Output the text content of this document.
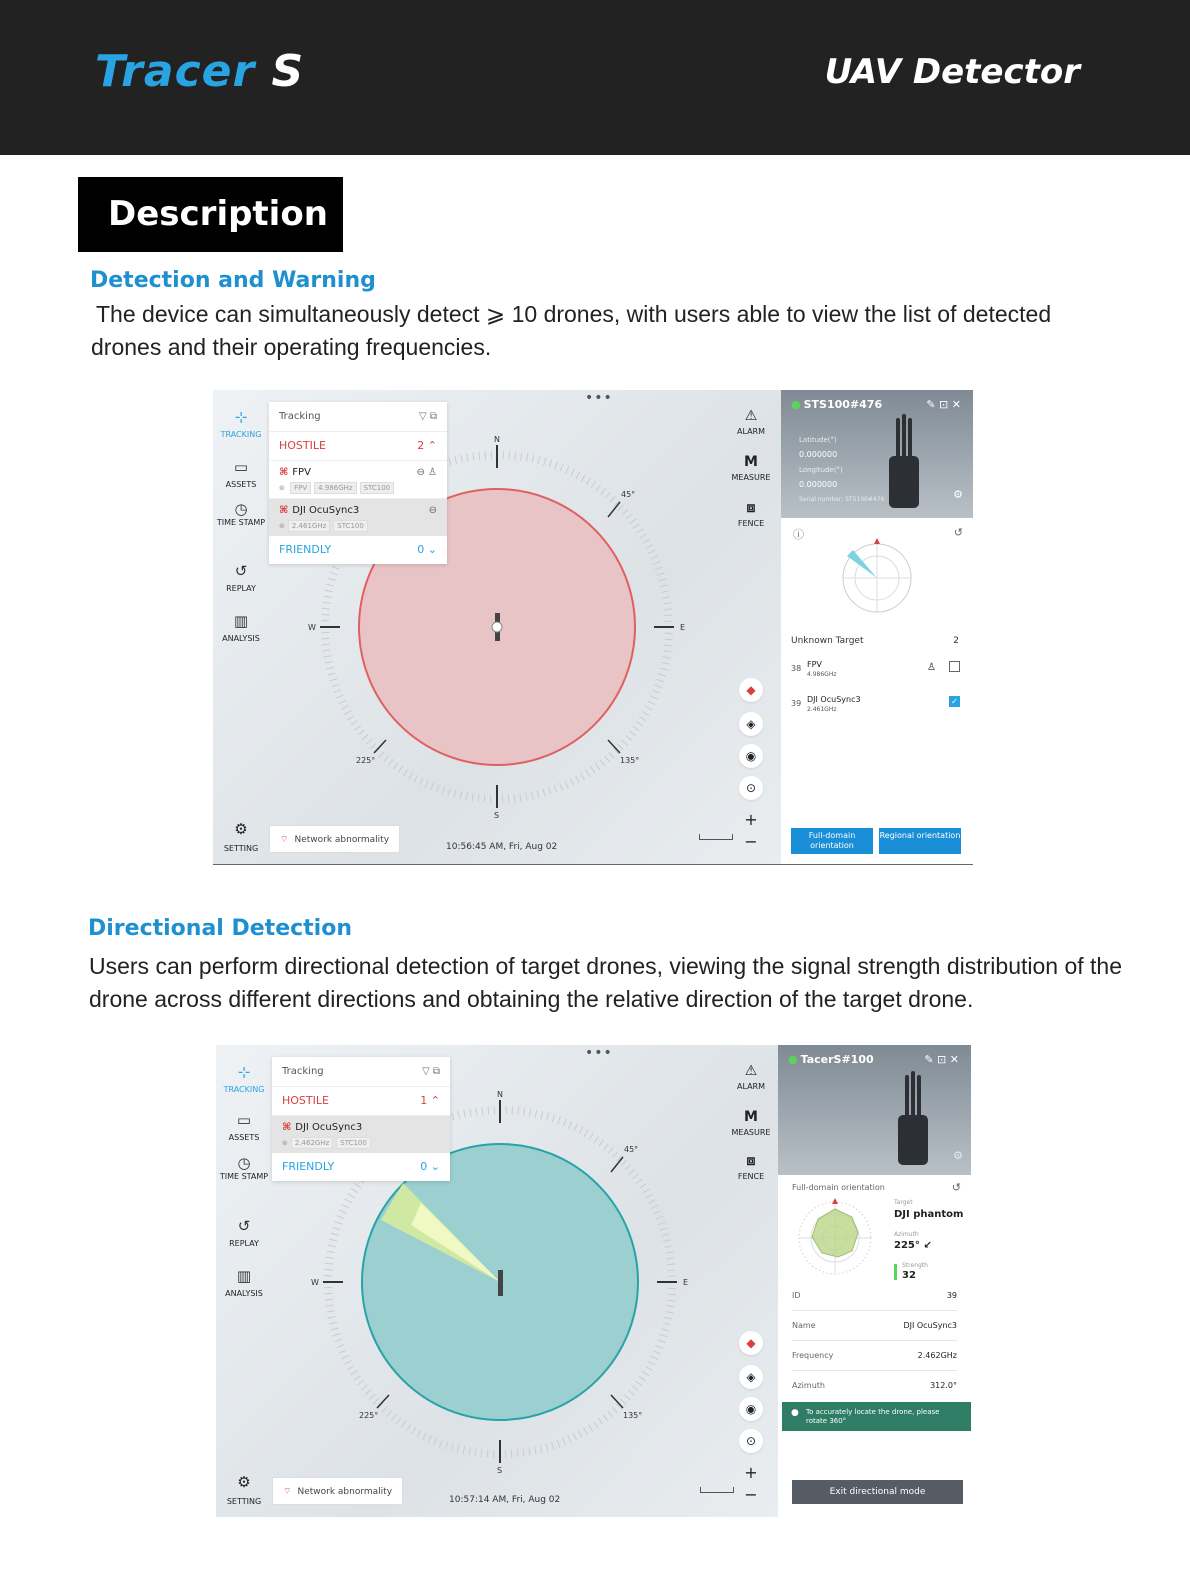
Tracer S	UAV Detector
Description
Detection and Warning
The device can simultaneously detect ⩾ 10 drones, with users able to view the list of detected drones and their operating frequencies.
⊹
TRACKING
▭
ASSETS
◷
TIME STAMP
↺
REPLAY
▥
ANALYSIS
⚙
SETTING
N
S
W	E
45°
135°
225°
Tracking	▽ ⧉
HOSTILE	2 ⌃
⌘ FPV
⊛ FPV 4.986GHz STC100
⊖ ♙
⌘ DJI OcuSync3
⊛ 2.461GHz STC100
⊖
FRIENDLY	0 ⌄
•••
⚠
ALARM
M
MEASURE
⧈
FENCE
◆
◈
◉
⊙
+
−
⌔ Network abnormality
10:56:45 AM, Fri, Aug 02
● STS100#476	✎ ⊡ ✕
Latitude(°)
0.000000
Longitude(°)
0.000000
Serial number: STS100#476	⚙
ⓘ	↺
Unknown Target	2
38 FPV
4.986GHz
♙
39 DJI OcuSync3
2.461GHz
✓
Full-domain orientation
Regional orientation
Directional Detection
Users can perform directional detection of target drones, viewing the signal strength distribution of the drone across different directions and obtaining the relative direction of the target drone.
⊹
TRACKING
▭
ASSETS
◷
TIME STAMP
↺
REPLAY
▥
ANALYSIS
⚙
SETTING
N
S
W	E
45°
135°
225°
Tracking	▽ ⧉
HOSTILE	1 ⌃
⌘ DJI OcuSync3
⊛ 2.462GHz STC100
FRIENDLY	0 ⌄
•••
⚠
ALARM
M
MEASURE
⧈
FENCE
◆
◈
◉
⊙
+
−
⌔ Network abnormality
10:57:14 AM, Fri, Aug 02
● TacerS#100	✎ ⊡ ✕
⚙
Full-domain orientation	↺
Target
DJI phantom
Azimuth
225° ↙
Strength
32
ID	39
Name	DJI OcuSync3
Frequency	2.462GHz
Azimuth	312.0°
● To accurately locate the drone, please rotate 360°
Exit directional mode
